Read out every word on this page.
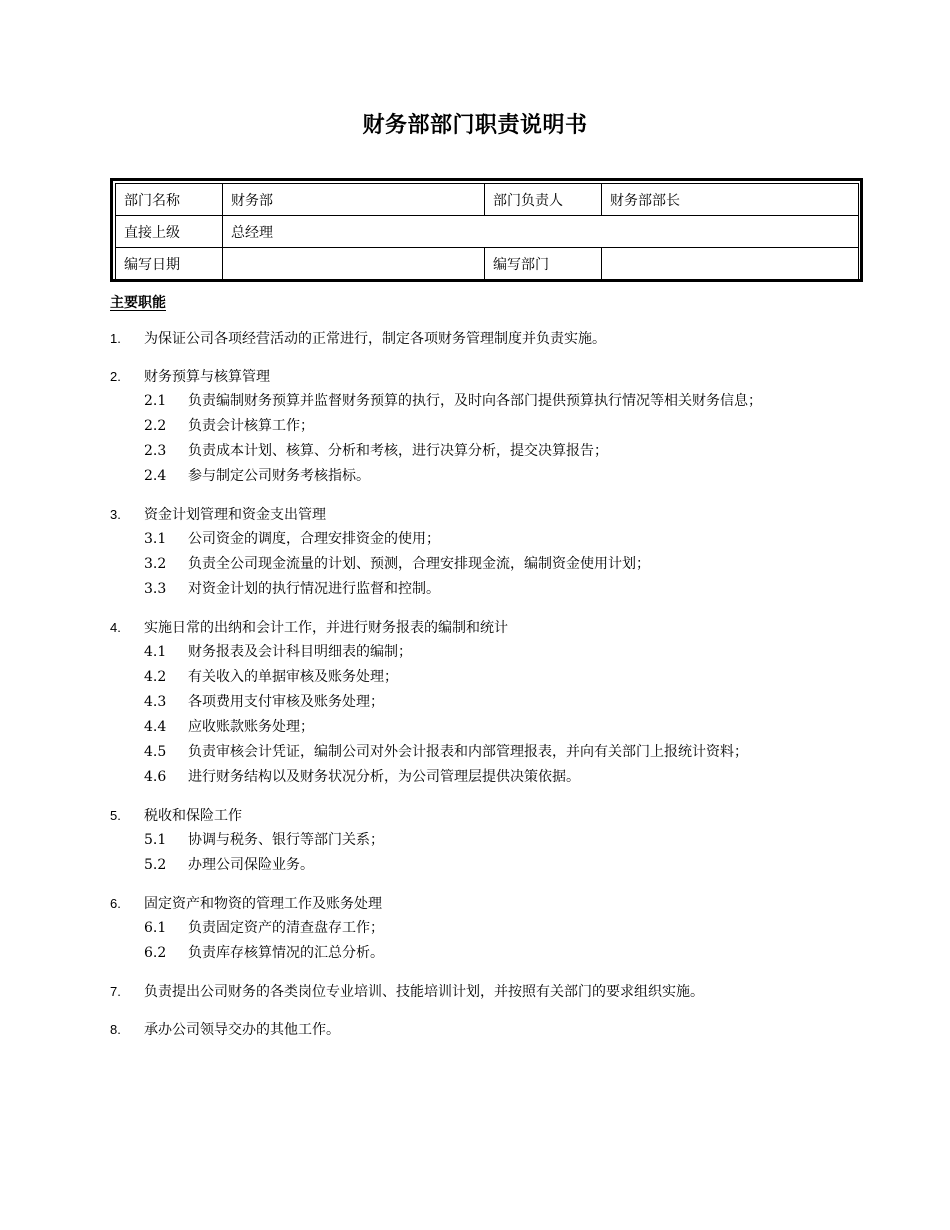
财务部部门职责说明书
部门名称	财务部	部门负责人	财务部部长
直接上级	总经理		
编写日期		编写部门	
主要职能
1.	为保证公司各项经营活动的正常进行，制定各项财务管理制度并负责实施。
2.	财务预算与核算管理
2.1	负责编制财务预算并监督财务预算的执行，及时向各部门提供预算执行情况等相关财务信息；
2.2	负责会计核算工作；
2.3	负责成本计划、核算、分析和考核，进行决算分析，提交决算报告；
2.4	参与制定公司财务考核指标。
3.	资金计划管理和资金支出管理
3.1	公司资金的调度，合理安排资金的使用；
3.2	负责全公司现金流量的计划、预测，合理安排现金流，编制资金使用计划；
3.3	对资金计划的执行情况进行监督和控制。
4.	实施日常的出纳和会计工作，并进行财务报表的编制和统计
4.1	财务报表及会计科目明细表的编制；
4.2	有关收入的单据审核及账务处理；
4.3	各项费用支付审核及账务处理；
4.4	应收账款账务处理；
4.5	负责审核会计凭证，编制公司对外会计报表和内部管理报表，并向有关部门上报统计资料；
4.6	进行财务结构以及财务状况分析，为公司管理层提供决策依据。
5.	税收和保险工作
5.1	协调与税务、银行等部门关系；
5.2	办理公司保险业务。
6.	固定资产和物资的管理工作及账务处理
6.1	负责固定资产的清查盘存工作；
6.2	负责库存核算情况的汇总分析。
7.	负责提出公司财务的各类岗位专业培训、技能培训计划，并按照有关部门的要求组织实施。
8.	承办公司领导交办的其他工作。
